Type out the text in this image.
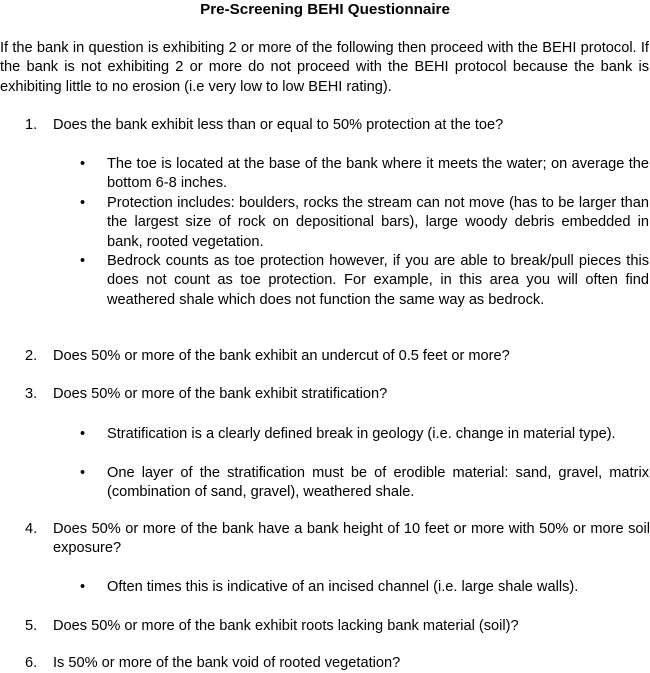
Pre-Screening BEHI Questionnaire
If the bank in question is exhibiting 2 or more of the following then proceed with the BEHI protocol. If the bank is not exhibiting 2 or more do not proceed with the BEHI protocol because the bank is exhibiting little to no erosion (i.e very low to low BEHI rating).
1. Does the bank exhibit less than or equal to 50% protection at the toe?
• The toe is located at the base of the bank where it meets the water; on average the bottom 6-8 inches.
• Protection includes: boulders, rocks the stream can not move (has to be larger than the largest size of rock on depositional bars), large woody debris embedded in bank, rooted vegetation.
• Bedrock counts as toe protection however, if you are able to break/pull pieces this does not count as toe protection. For example, in this area you will often find weathered shale which does not function the same way as bedrock.
2. Does 50% or more of the bank exhibit an undercut of 0.5 feet or more?
3. Does 50% or more of the bank exhibit stratification?
• Stratification is a clearly defined break in geology (i.e. change in material type).
• One layer of the stratification must be of erodible material: sand, gravel, matrix (combination of sand, gravel), weathered shale.
4. Does 50% or more of the bank have a bank height of 10 feet or more with 50% or more soil exposure?
• Often times this is indicative of an incised channel (i.e. large shale walls).
5. Does 50% or more of the bank exhibit roots lacking bank material (soil)?
6. Is 50% or more of the bank void of rooted vegetation?
